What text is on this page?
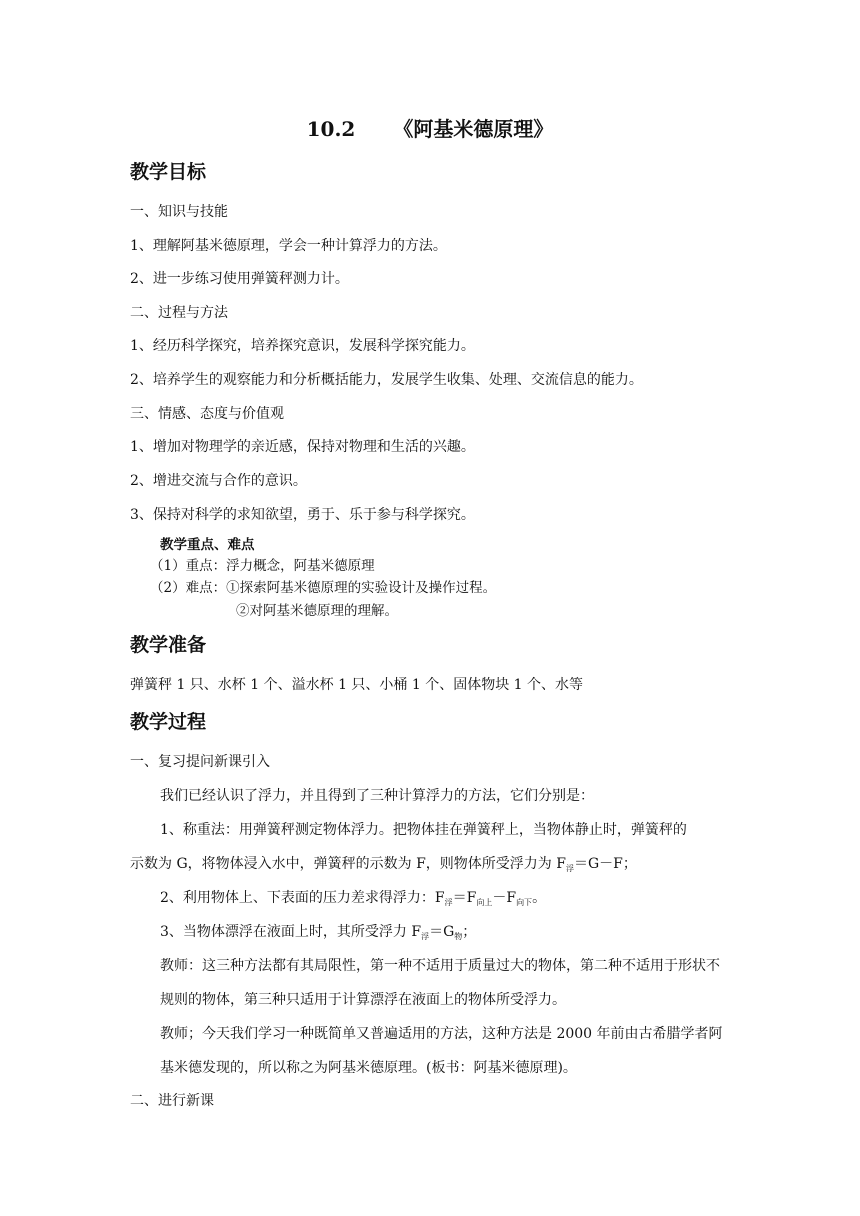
10.2 《阿基米德原理》
教学目标
一、知识与技能
1、理解阿基米德原理，学会一种计算浮力的方法。
2、进一步练习使用弹簧秤测力计。
二、过程与方法
1、经历科学探究，培养探究意识，发展科学探究能力。
2、培养学生的观察能力和分析概括能力，发展学生收集、处理、交流信息的能力。
三、情感、态度与价值观
1、增加对物理学的亲近感，保持对物理和生活的兴趣。
2、增进交流与合作的意识。
3、保持对科学的求知欲望，勇于、乐于参与科学探究。
教学重点、难点
（1）重点：浮力概念，阿基米德原理
（2）难点：①探索阿基米德原理的实验设计及操作过程。
②对阿基米德原理的理解。
教学准备
弹簧秤 1 只、水杯 1 个、溢水杯 1 只、小桶 1 个、固体物块 1 个、水等
教学过程
一、复习提问新课引入
我们已经认识了浮力，并且得到了三种计算浮力的方法，它们分别是：
1、称重法：用弹簧秤测定物体浮力。把物体挂在弹簧秤上，当物体静止时，弹簧秤的
示数为 G，将物体浸入水中，弹簧秤的示数为 F，则物体所受浮力为 $F_浮=G-F$；
2、利用物体上、下表面的压力差求得浮力：$F_浮=F_{向上}-F_{向下}$。
3、当物体漂浮在液面上时，其所受浮力 $F_浮=G_物$；
教师：这三种方法都有其局限性，第一种不适用于质量过大的物体，第二种不适用于形状不规则的物体，第三种只适用于计算漂浮在液面上的物体所受浮力。
教师；今天我们学习一种既简单又普遍适用的方法，这种方法是 2000 年前由古希腊学者阿基米德发现的，所以称之为阿基米德原理。(板书：阿基米德原理)。
二、进行新课
